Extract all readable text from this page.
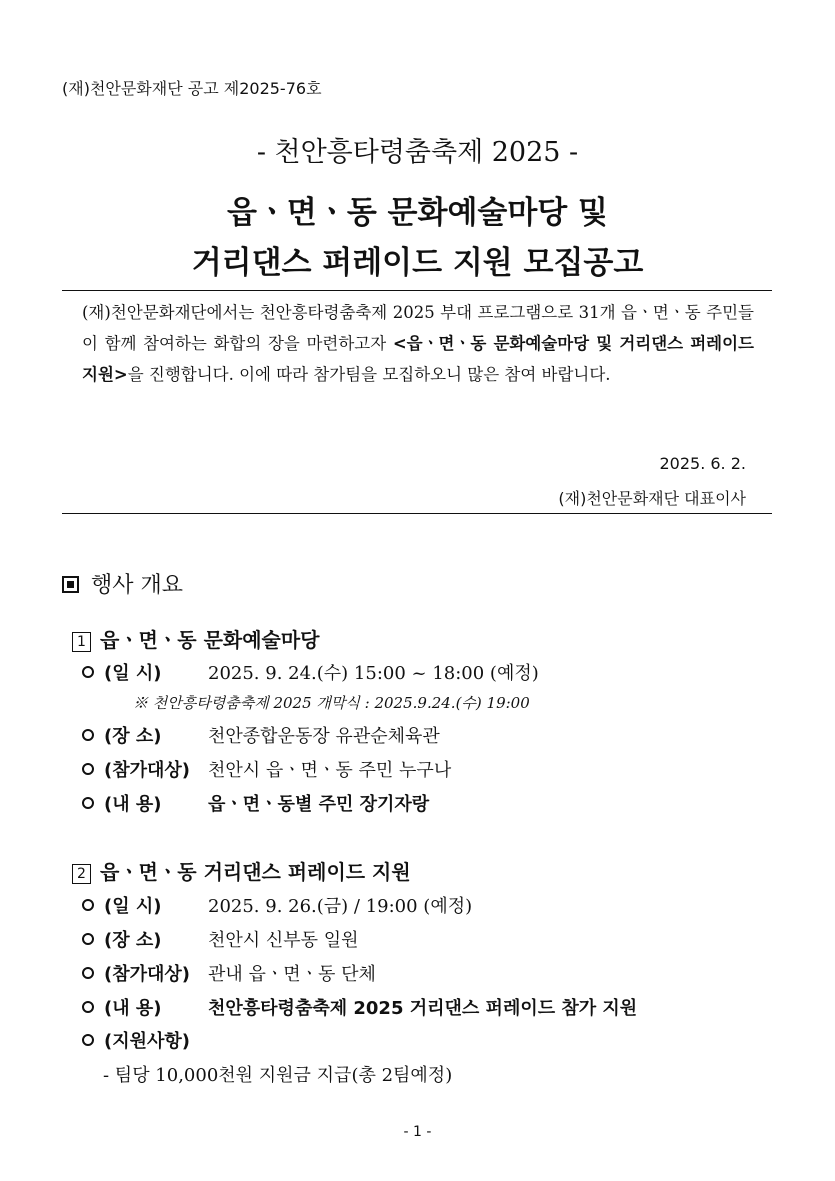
(재)천안문화재단 공고 제2025-76호
- 천안흥타령춤축제 2025 -
읍ㆍ면ㆍ동 문화예술마당 및
거리댄스 퍼레이드 지원 모집공고
(재)천안문화재단에서는 천안흥타령춤축제 2025 부대 프로그램으로 31개 읍ㆍ면ㆍ동 주민들이 함께 참여하는 화합의 장을 마련하고자 <읍ㆍ면ㆍ동 문화예술마당 및 거리댄스 퍼레이드 지원>을 진행합니다. 이에 따라 참가팀을 모집하오니 많은 참여 바랍니다.
2025. 6. 2.
(재)천안문화재단 대표이사
행사 개요
1 읍ㆍ면ㆍ동 문화예술마당
(일 시)	2025. 9. 24.(수) 15:00 ~ 18:00 (예정)
※ 천안흥타령춤축제 2025 개막식 : 2025.9.24.(수) 19:00
(장 소)	천안종합운동장 유관순체육관
(참가대상) 천안시 읍ㆍ면ㆍ동 주민 누구나
(내 용)	읍ㆍ면ㆍ동별 주민 장기자랑
2 읍ㆍ면ㆍ동 거리댄스 퍼레이드 지원
(일 시)	2025. 9. 26.(금) / 19:00 (예정)
(장 소)	천안시 신부동 일원
(참가대상) 관내 읍ㆍ면ㆍ동 단체
(내 용)	천안흥타령춤축제 2025 거리댄스 퍼레이드 참가 지원
(지원사항)
- 팀당 10,000천원 지원금 지급(총 2팀예정)
- 1 -
